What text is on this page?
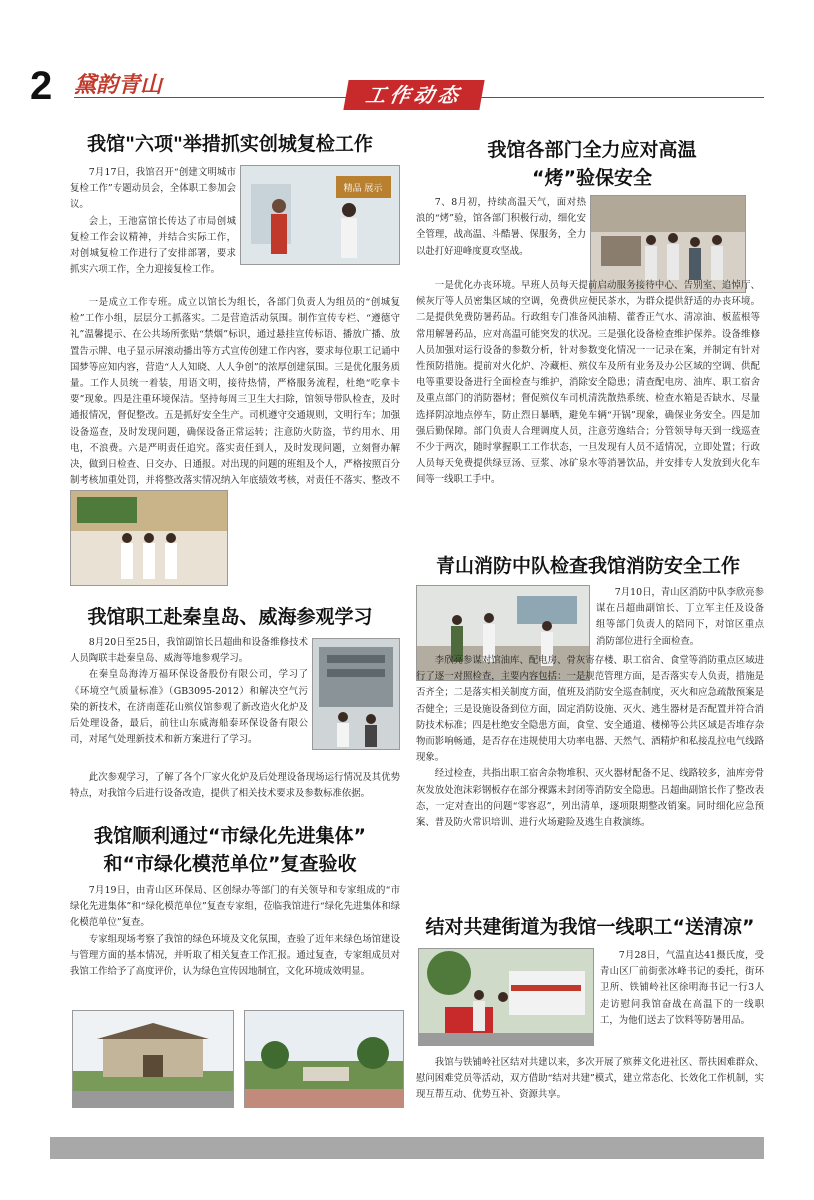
2 黛韵青山	工作动态
我馆"六项"举措抓实创城复检工作

7月17日，我馆召开“创建文明城市复检工作”专题动员会，全体职工参加会议。

会上，王池富馆长传达了市局创城复检工作会议精神，并结合实际工作，对创城复检工作进行了安排部署，要求抓实六项工作，全力迎接复检工作。

精品 展示

一是成立工作专班。成立以馆长为组长，各部门负责人为组员的“创城复检”工作小组，层层分工抓落实。二是营造活动氛围。制作宣传专栏、“遵德守礼”温馨提示、在公共场所张贴“禁烟”标识，通过悬挂宣传标语、播放广播、放置告示牌、电子显示屏滚动播出等方式宣传创建工作内容，要求每位职工记诵中国梦等应知内容，营造“人人知晓、人人争创”的浓厚创建氛围。三是优化服务质量。工作人员统一着装，用语文明，接待热情，严格服务流程，杜绝“吃拿卡要”现象。四是注重环境保洁。坚持每周三卫生大扫除，馆领导带队检查，及时通报情况，督促整改。五是抓好安全生产。司机遵守交通规则，文明行车；加强设备巡查，及时发现问题，确保设备正常运转；注意防火防盗，节约用水、用电，不浪费。六是严明责任追究。落实责任到人，及时发现问题，立刻督办解决，做到日检查、日交办、日通报。对出现的问题的班组及个人，严格按照百分制考核加重处罚，并将整改落实情况纳入年底绩效考核，对责任不落实、整改不

我馆职工赴秦皇岛、威海参观学习

8月20日至25日，我馆副馆长吕超曲和设备维修技术人员陶联丰赴秦皇岛、威海等地参观学习。

在秦皇岛海涛万福环保设备股份有限公司，学习了《环境空气质量标准》（GB3095-2012）和解决空气污染的新技术，在济南莲花山殡仪馆参观了新改造火化炉及后处理设备，最后，前往山东威海船泰环保设备有限公司，对尾气处理新技术和新方案进行了学习。

此次参观学习，了解了各个厂家火化炉及后处理设备现场运行情况及其优势特点，对我馆今后进行设备改造，提供了相关技术要求及参数标准依据。

我馆顺利通过“市绿化先进集体”
和“市绿化模范单位”复查验收

7月19日，由青山区环保局、区创绿办等部门的有关领导和专家组成的“市绿化先进集体”和“绿化模范单位”复查专家组，莅临我馆进行“绿化先进集体和绿化模范单位”复查。

专家组现场考察了我馆的绿色环境及文化氛围，查验了近年来绿色场馆建设与管理方面的基本情况，并听取了相关复查工作汇报。通过复查，专家组成员对我馆工作给予了高度评价，认为绿色宣传因地制宜，文化环境成效明显。

我馆各部门全力应对高温
“烤”验保安全

7、8月初，持续高温天气，面对热浪的“烤”验，馆各部门积极行动，细化安全管理，战高温、斗酷暑、保服务，全力以赴打好迎峰度夏攻坚战。

一是优化办丧环境。早班人员每天提前启动服务接待中心、告别室、追悼厅、候灰厅等人员密集区域的空调，免费供应便民茶水，为群众提供舒适的办丧环境。二是提供免费防暑药品。行政组专门准备风油精、藿香正气水、清凉油、板蓝根等常用解暑药品，应对高温可能突发的状况。三是强化设备检查维护保养。设备维修人员加强对运行设备的参数分析，针对参数变化情况一一记录在案，并制定有针对性预防措施。提前对火化炉、冷藏柜、殡仪车及所有业务及办公区域的空调、供配电等重要设备进行全面检查与维护，消除安全隐患；清查配电房、油库、职工宿舍及重点部门的消防器材；督促殡仪车司机清洗散热系统、检查水箱是否缺水、尽量选择阴凉地点停车，防止烈日暴晒，避免车辆“开锅”现象，确保业务安全。四是加强后勤保障。部门负责人合理调度人员，注意劳逸结合；分管领导每天到一线巡查不少于两次，随时掌握职工工作状态，一旦发现有人员不适情况，立即处置；行政人员每天免费提供绿豆汤、豆浆、冰矿泉水等消暑饮品，并安排专人发放到火化车间等一线职工手中。

青山消防中队检查我馆消防安全工作

7月10日，青山区消防中队李欣亮参谋在吕超曲副馆长、丁立军主任及设备组等部门负责人的陪同下，对馆区重点消防部位进行全面检查。

李欣亮参谋对馆油库、配电房、骨灰寄存楼、职工宿舍、食堂等消防重点区域进行了逐一对照检查，主要内容包括：一是规范管理方面，是否落实专人负责，措施是否齐全；二是落实相关制度方面，值班及消防安全巡查制度，灭火和应急疏散预案是否健全；三是设施设备到位方面，固定消防设施、灭火、逃生器材是否配置并符合消防技术标准；四是杜绝安全隐患方面，食堂、安全通道、楼梯等公共区域是否堆存杂物而影响畅通，是否存在违规使用大功率电器、天然气、酒精炉和私接乱拉电气线路现象。

经过检查，共指出职工宿舍杂物堆积、灭火器材配备不足、线路较多，油库旁骨灰发放处泡沫彩钢板存在部分裸露未封闭等消防安全隐患。吕超曲副馆长作了整改表态，一定对查出的问题“零容忍”，列出清单，逐项限期整改销案。同时细化应急预案、普及防火常识培训、进行火场避险及逃生自救演练。

结对共建街道为我馆一线职工“送清凉”

7月28日，气温直达41摄氏度，受青山区厂前街张冰峰书记的委托，街环卫所、铁铺岭社区徐明海书记一行3人走访慰问我馆奋战在高温下的一线职工，为他们送去了饮料等防暑用品。

我馆与铁铺岭社区结对共建以来，多次开展了殡葬文化进社区、帮扶困难群众、慰问困难党员等活动，双方借助“结对共建”模式，建立常态化、长效化工作机制，实现互帮互动、优势互补、资源共享。
